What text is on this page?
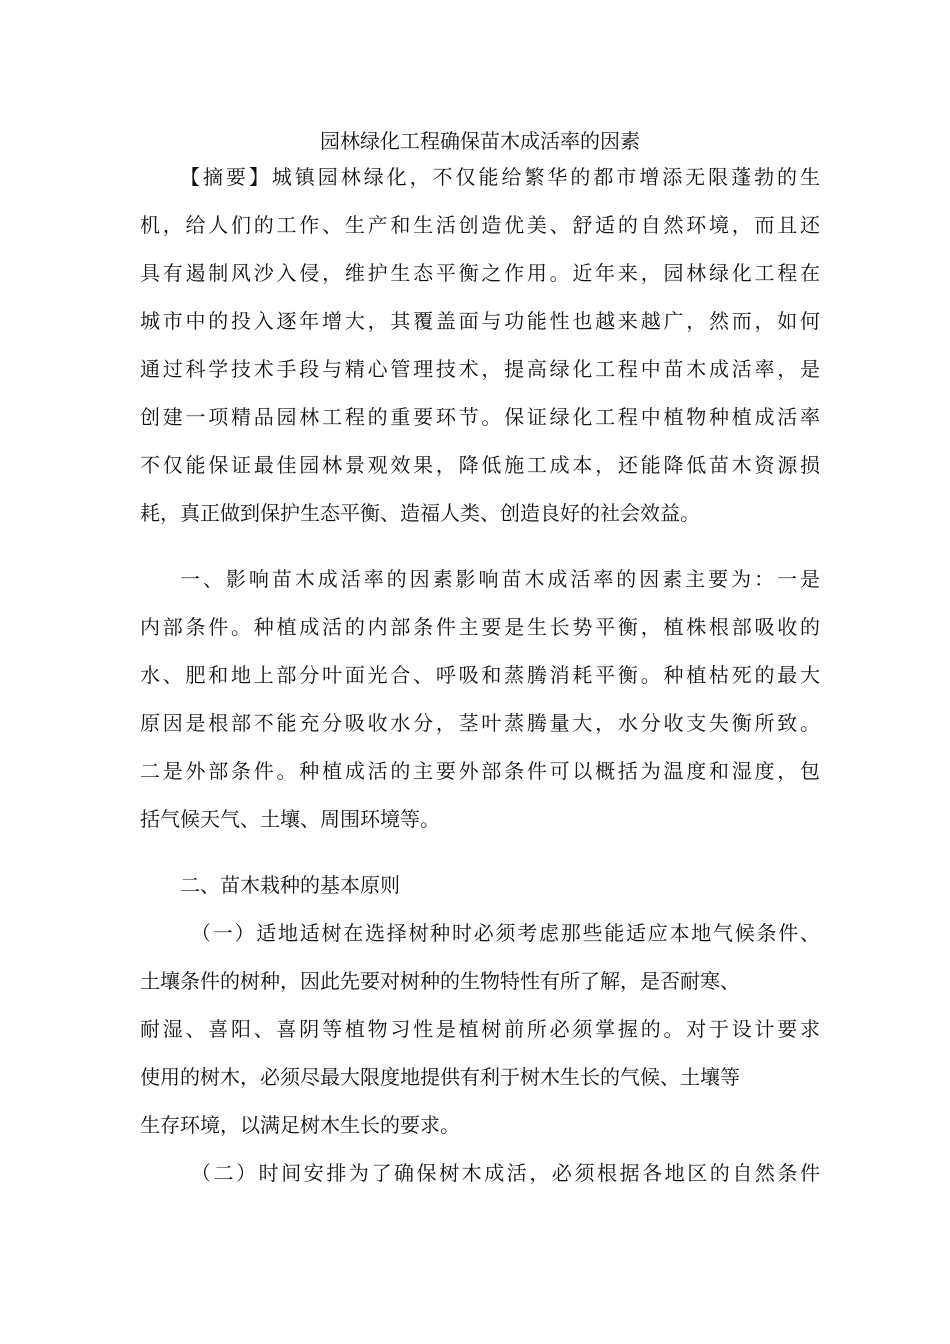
园林绿化工程确保苗木成活率的因素

【摘要】城镇园林绿化，不仅能给繁华的都市增添无限蓬勃的生

机，给人们的工作、生产和生活创造优美、舒适的自然环境，而且还

具有遏制风沙入侵，维护生态平衡之作用。近年来，园林绿化工程在

城市中的投入逐年增大，其覆盖面与功能性也越来越广，然而，如何

通过科学技术手段与精心管理技术，提高绿化工程中苗木成活率，是

创建一项精品园林工程的重要环节。保证绿化工程中植物种植成活率

不仅能保证最佳园林景观效果，降低施工成本，还能降低苗木资源损

耗，真正做到保护生态平衡、造福人类、创造良好的社会效益。

一、影响苗木成活率的因素影响苗木成活率的因素主要为：一是

内部条件。种植成活的内部条件主要是生长势平衡，植株根部吸收的

水、肥和地上部分叶面光合、呼吸和蒸腾消耗平衡。种植枯死的最大

原因是根部不能充分吸收水分，茎叶蒸腾量大，水分收支失衡所致。

二是外部条件。种植成活的主要外部条件可以概括为温度和湿度，包

括气候天气、土壤、周围环境等。

二、苗木栽种的基本原则

（一）适地适树在选择树种时必须考虑那些能适应本地气候条件、

土壤条件的树种，因此先要对树种的生物特性有所了解，是否耐寒、

耐湿、喜阳、喜阴等植物习性是植树前所必须掌握的。对于设计要求

使用的树木，必须尽最大限度地提供有利于树木生长的气候、土壤等

生存环境，以满足树木生长的要求。

（二）时间安排为了确保树木成活，必须根据各地区的自然条件
